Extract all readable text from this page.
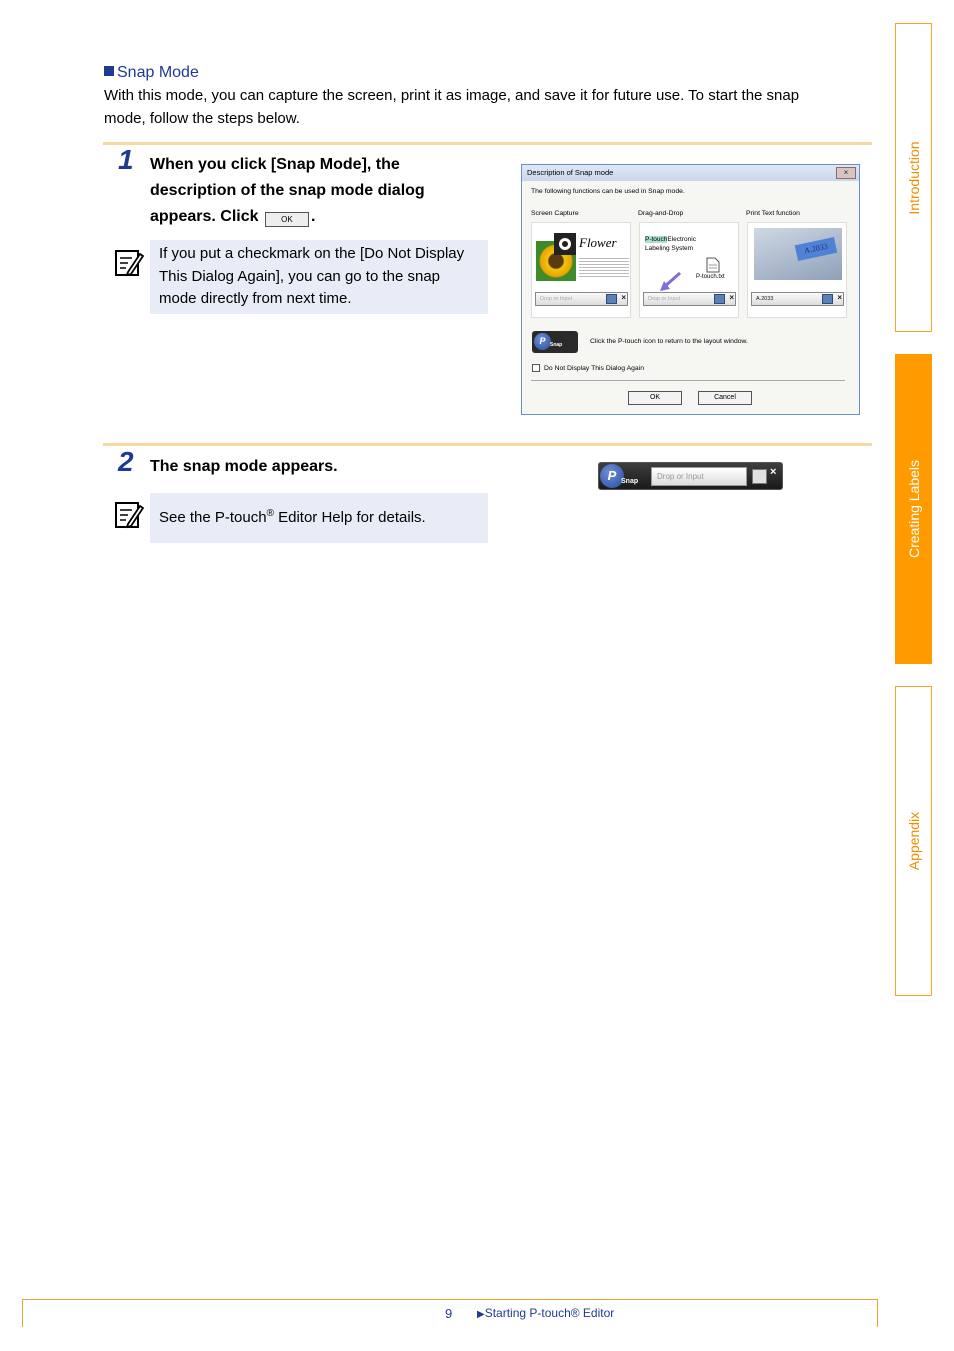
Snap Mode
With this mode, you can capture the screen, print it as image, and save it for future use. To start the snap
mode, follow the steps below.
1 When you click [Snap Mode], the
description of the snap mode dialog
appears. Click	OK .
If you put a checkmark on the [Do Not Display
This Dialog Again], you can go to the snap
mode directly from next time.
Description of Snap mode	×
The following functions can be used in Snap mode.
Screen Capture	Drag-and-Drop	Print Text function
Flower
Drop or Input	×
P-touchElectronic
Labeling System
P-touch.txt
Drop or Input	×
A.2033
A.2033	×
P Snap	Click the P-touch icon to return to the layout window.
Do Not Display This Dialog Again
OK	Cancel
2 The snap mode appears.
See the P-touch® Editor Help for details.
P Snap
Drop or Input	×
Introduction
Creating Labels
Appendix
9 ▶Starting P-touch® Editor
